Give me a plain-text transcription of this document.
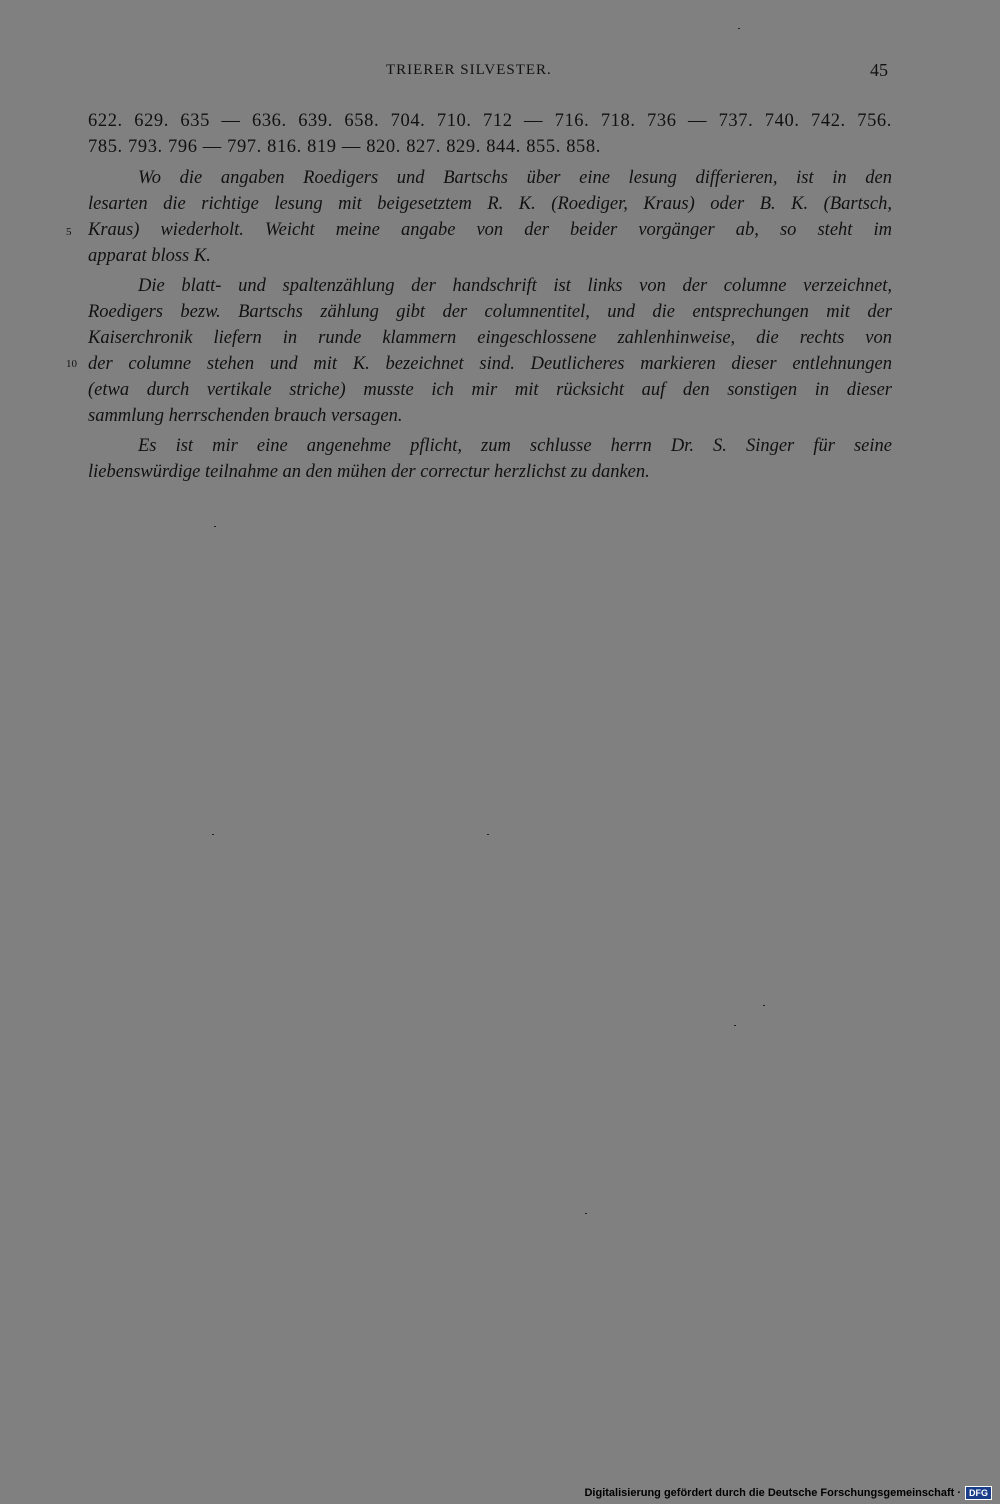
TRIERER SILVESTER.	45
622. 629. 635 — 636. 639. 658. 704. 710. 712 — 716. 718. 736 — 737. 740. 742. 756.
785. 793. 796 — 797. 816. 819 — 820. 827. 829. 844. 855. 858.
Wo die angaben Roedigers und Bartschs über eine lesung differieren, ist in den
lesarten die richtige lesung mit beigesetztem R. K. (Roediger, Kraus) oder B. K. (Bartsch,
Kraus) wiederholt. Weicht meine angabe von der beider vorgänger ab, so steht im
apparat bloss K.
Die blatt- und spaltenzählung der handschrift ist links von der columne verzeichnet,
Roedigers bezw. Bartschs zählung gibt der columnentitel, und die entsprechungen mit der
Kaiserchronik liefern in runde klammern eingeschlossene zahlenhinweise, die rechts von
der columne stehen und mit K. bezeichnet sind. Deutlicheres markieren dieser entlehnungen
(etwa durch vertikale striche) musste ich mir mit rücksicht auf den sonstigen in dieser
sammlung herrschenden brauch versagen.
Es ist mir eine angenehme pflicht, zum schlusse herrn Dr. S. Singer für seine
liebenswürdige teilnahme an den mühen der correctur herzlichst zu danken.
5
10
Digitalisierung gefördert durch die Deutsche Forschungsgemeinschaft · DFG
